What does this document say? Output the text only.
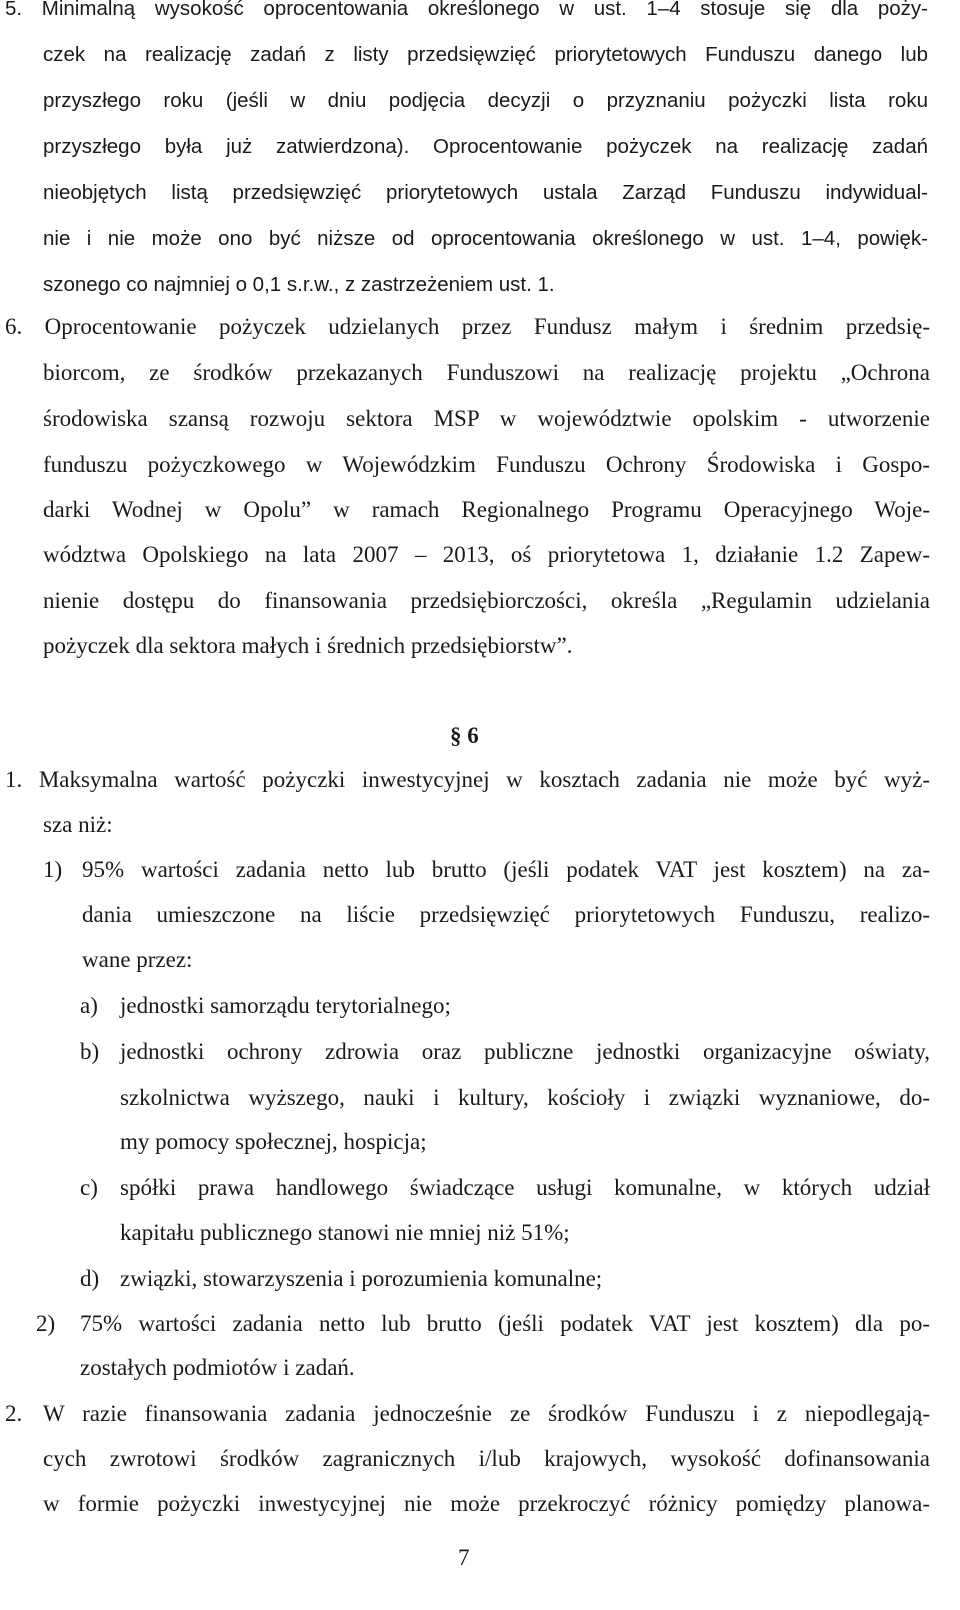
5. Minimalną wysokość oprocentowania określonego w ust. 1–4 stosuje się dla poży-
czek na realizację zadań z listy przedsięwzięć priorytetowych Funduszu danego lub
przyszłego roku (jeśli w dniu podjęcia decyzji o przyznaniu pożyczki lista roku
przyszłego była już zatwierdzona). Oprocentowanie pożyczek na realizację zadań
nieobjętych listą przedsięwzięć priorytetowych ustala Zarząd Funduszu indywidual-
nie i nie może ono być niższe od oprocentowania określonego w ust. 1–4, powięk-
szonego co najmniej o 0,1 s.r.w., z zastrzeżeniem ust. 1.
6. Oprocentowanie pożyczek udzielanych przez Fundusz małym i średnim przedsię-
biorcom, ze środków przekazanych Funduszowi na realizację projektu „Ochrona
środowiska szansą rozwoju sektora MSP w województwie opolskim - utworzenie
funduszu pożyczkowego w Wojewódzkim Funduszu Ochrony Środowiska i Gospo-
darki Wodnej w Opolu” w ramach Regionalnego Programu Operacyjnego Woje-
wództwa Opolskiego na lata 2007 – 2013, oś priorytetowa 1, działanie 1.2 Zapew-
nienie dostępu do finansowania przedsiębiorczości, określa „Regulamin udzielania
pożyczek dla sektora małych i średnich przedsiębiorstw”.
§ 6
1. Maksymalna wartość pożyczki inwestycyjnej w kosztach zadania nie może być wyż-
sza niż:
1) 95% wartości zadania netto lub brutto (jeśli podatek VAT jest kosztem) na za-
dania umieszczone na liście przedsięwzięć priorytetowych Funduszu, realizo-
wane przez:
a) jednostki samorządu terytorialnego;
b) jednostki ochrony zdrowia oraz publiczne jednostki organizacyjne oświaty,
szkolnictwa wyższego, nauki i kultury, kościoły i związki wyznaniowe, do-
my pomocy społecznej, hospicja;
c) spółki prawa handlowego świadczące usługi komunalne, w których udział
kapitału publicznego stanowi nie mniej niż 51%;
d) związki, stowarzyszenia i porozumienia komunalne;
2) 75% wartości zadania netto lub brutto (jeśli podatek VAT jest kosztem) dla po-
zostałych podmiotów i zadań.
2. W razie finansowania zadania jednocześnie ze środków Funduszu i z niepodlegają-
cych zwrotowi środków zagranicznych i/lub krajowych, wysokość dofinansowania
w formie pożyczki inwestycyjnej nie może przekroczyć różnicy pomiędzy planowa-
7
